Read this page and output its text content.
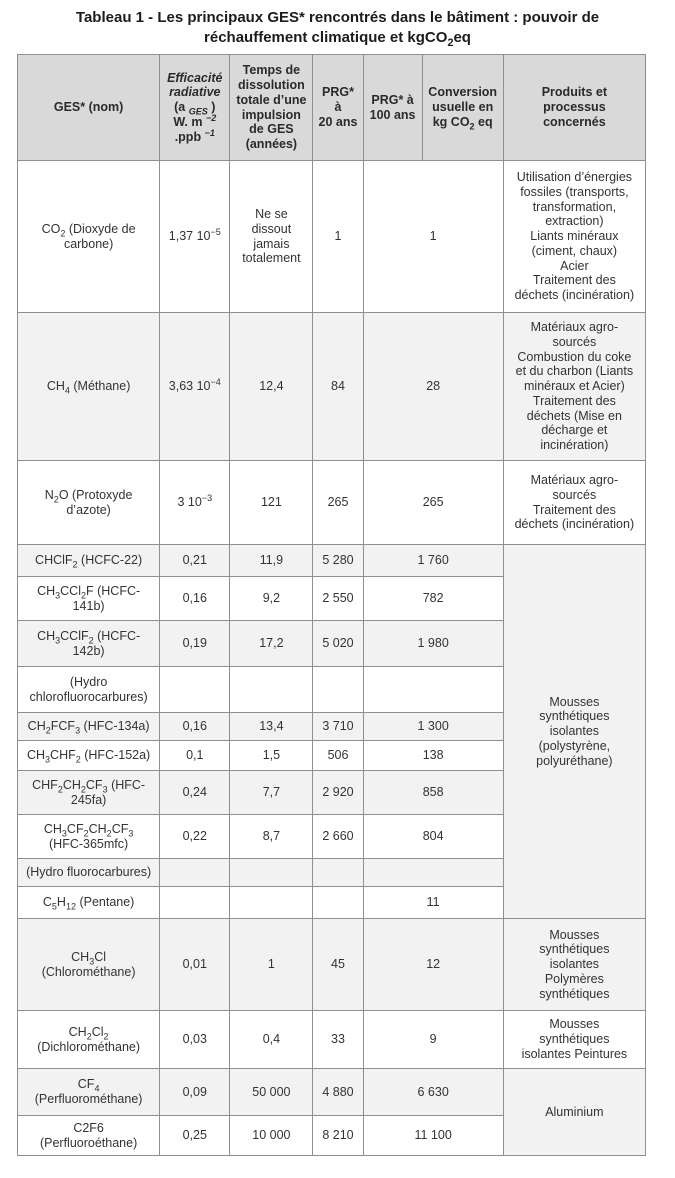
Tableau 1 - Les principaux GES* rencontrés dans le bâtiment : pouvoir de
réchauffement climatique et kgCO$_2$eq
GES* (nom)	Efficacité
radiative
(a $_{GES}$ )
W. m $^{-2}$
.ppb $^{-1}$	Temps de
dissolution
totale d’une
impulsion
de GES
(années)	PRG*
à
20 ans	PRG* à
100 ans	Conversion
usuelle en
kg $CO_2$ eq	Produits et
processus
concernés
$CO_2$ (Dioxyde de
carbone)	1,37 $10^{-5}$	Ne se
dissout
jamais
totalement	1	1	Utilisation d’énergies
fossiles (transports,
transformation,
extraction)
Liants minéraux
(ciment, chaux)
Acier
Traitement des
déchets (incinération)
$CH_4$ (Méthane)	3,63 $10^{-4}$	12,4	84	28	Matériaux agro-
sourcés
Combustion du coke
et du charbon (Liants
minéraux et Acier)
Traitement des
déchets (Mise en
décharge et
incinération)
$N_2O$ (Protoxyde
d’azote)	3 $10^{-3}$	121	265	265		Matériaux agro-
sourcés
Traitement des
déchets (incinération)
CHClF$_2$ (HCFC-22)	0,21	11,9	5 280	1 760		Mousses
synthétiques
isolantes
(polystyrène,
polyuréthane)
$CH_3CCl_2F$ (HCFC-
141b)	0,16	9,2	2 550	782		
$CH_3CClF_2$ (HCFC-
142b)	0,19	17,2	5 020	1 980		
(Hydro
chlorofluorocarbures)						
$CH_2FCF_3$ (HFC-134a)	0,16	13,4	3 710	1 300		
$CH_3CHF_2$ (HFC-152a)	0,1	1,5	506	138		
$CHF_2CH_2CF_3$ (HFC-
245fa)	0,24	7,7	2 920	858		
$CH_3CF_2CH_2CF_3$
(HFC-365mfc)	0,22	8,7	2 660	804		
(Hydro fluorocarbures)						
$C_5H_{12}$ (Pentane)				11		
$CH_3Cl$
(Chlorométhane)	0,01	1	45	12		Mousses
synthétiques
isolantes
Polymères
synthétiques
$CH_2Cl_2$
(Dichlorométhane)	0,03	0,4	33	9		Mousses
synthétiques
isolantes Peintures
$CF_4$
(Perfluorométhane)	0,09	50 000	4 880	6 630		Aluminium
C2F6
(Perfluoroéthane)	0,25	10 000	8 210	11 100		
